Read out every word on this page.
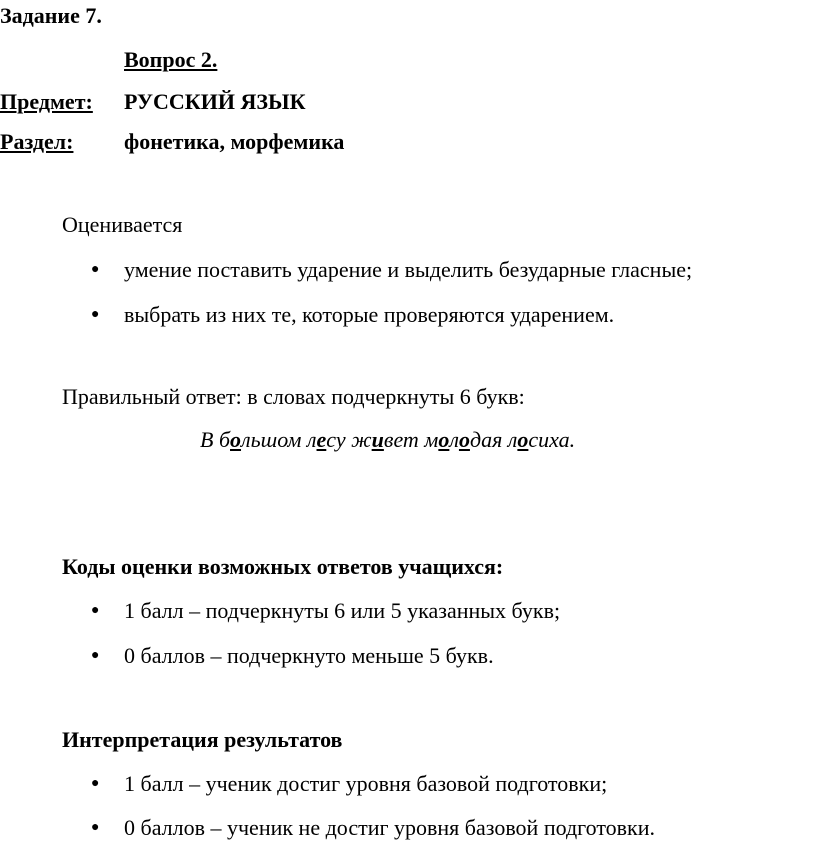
Задание 7.
Вопрос 2.
Предмет: РУССКИЙ ЯЗЫК
Раздел: фонетика, морфемика
Оценивается
● умение поставить ударение и выделить безударные гласные;
● выбрать из них те, которые проверяются ударением.
Правильный ответ: в словах подчеркнуты 6 букв:
В большом лесу живет молодая лосиха.
Коды оценки возможных ответов учащихся:
● 1 балл – подчеркнуты 6 или 5 указанных букв;
● 0 баллов – подчеркнуто меньше 5 букв.
Интерпретация результатов
● 1 балл – ученик достиг уровня базовой подготовки;
● 0 баллов – ученик не достиг уровня базовой подготовки.
